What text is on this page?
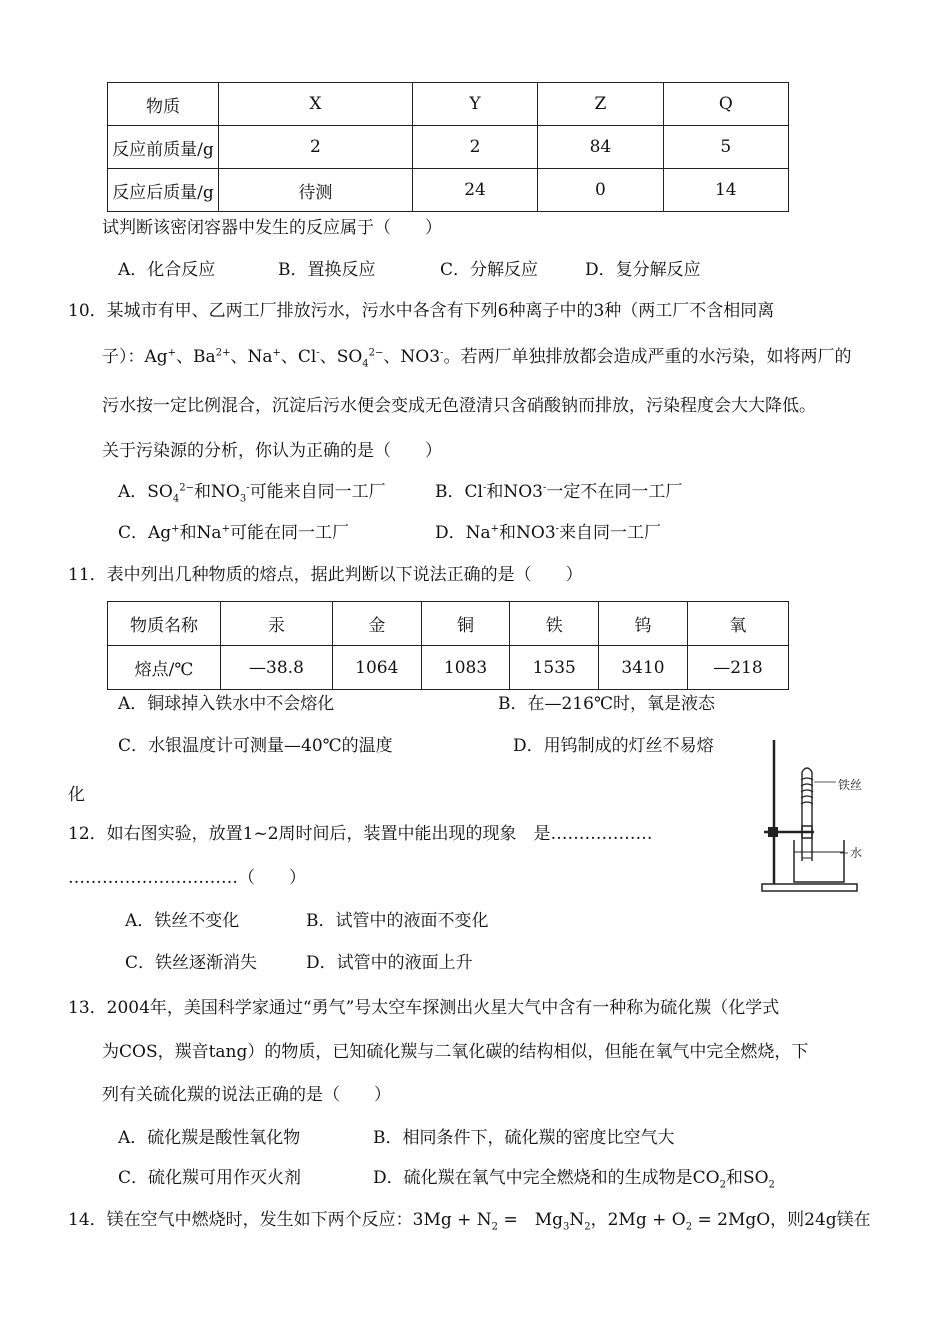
物质	X	Y	Z	Q
反应前质量/g	2	2	84	5
反应后质量/g	待测	24	0	14
试判断该密闭容器中发生的反应属于（　　）
A．化合反应	B．置换反应	C．分解反应	D．复分解反应
10．某城市有甲、乙两工厂排放污水，污水中各含有下列6种离子中的3种（两工厂不含相同离
子）：Ag+、$Ba^{2+}$、Na+、Cl-、$SO_4^{2-}$、NO3-。若两厂单独排放都会造成严重的水污染，如将两厂的
污水按一定比例混合，沉淀后污水便会变成无色澄清只含硝酸钠而排放，污染程度会大大降低。
关于污染源的分析，你认为正确的是（　　）
A．$SO_4^{2-}$和$NO_3^-$可能来自同一工厂	B．Cl-和NO3-一定不在同一工厂
C．Ag+和Na+可能在同一工厂	D．Na+和NO3-来自同一工厂
11．表中列出几种物质的熔点，据此判断以下说法正确的是（　　）
物质名称	汞	金	铜	铁	钨	氧
熔点/℃	—38.8	1064	1083	1535	3410	—218
A．铜球掉入铁水中不会熔化	B．在—216℃时，氧是液态
C．水银温度计可测量—40℃的温度	D．用钨制成的灯丝不易熔
化
12．如右图实验，放置1~2周时间后，装置中能出现的现象　是………………
…………………………（　　）
A．铁丝不变化	B．试管中的液面不变化
C．铁丝逐渐消失	D．试管中的液面上升
铁丝
水
13．2004年，美国科学家通过“勇气”号太空车探测出火星大气中含有一种称为硫化羰（化学式
为COS，羰音tang）的物质，已知硫化羰与二氧化碳的结构相似，但能在氧气中完全燃烧，下
列有关硫化羰的说法正确的是（　　）
A．硫化羰是酸性氧化物	B．相同条件下，硫化羰的密度比空气大
C．硫化羰可用作灭火剂	D．硫化羰在氧气中完全燃烧和的生成物是$CO_2$和$SO_2$
14．镁在空气中燃烧时，发生如下两个反应：$3Mg + N_2$ =　$Mg_3N_2$，$2Mg + O_2 = 2MgO$，则24g镁在
